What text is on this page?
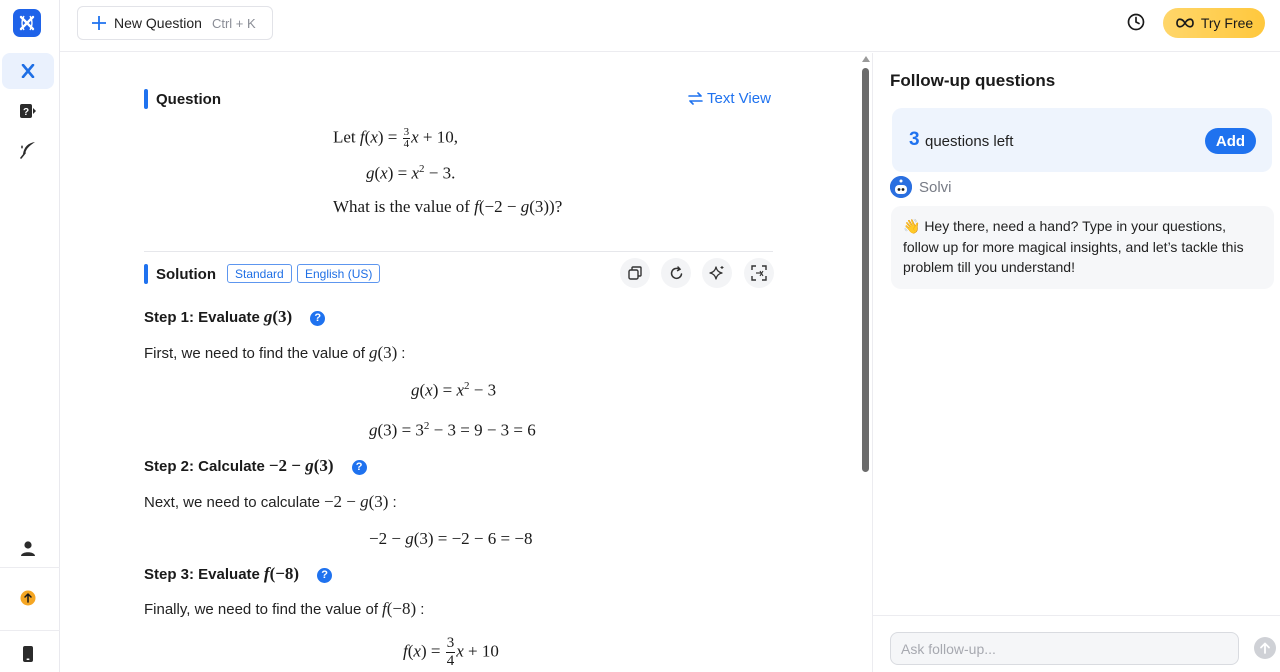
?
New Question Ctrl + K	Try Free
Question	Text View
Let $f(x) = \frac{3}{4}$ x + 10,
$g(x) = x^2 - 3$.
What is the value of f(−2 − g(3))?
Solution	Standard	English (US)
Step 1: Evaluate g(3)	?
First, we need to find the value of g(3) :
$g(x) = x^2 - 3$
$g(3) = 3^2 - 3 = 9 - 3 = 6$
Step 2: Calculate −2 − g(3)	?
Next, we need to calculate −2 − g(3) :
−2 − g(3) = −2 − 6 = −8
Step 3: Evaluate f(−8)	?
Finally, we need to find the value of f(−8) :
$f(x) = \frac{3}{4}$ x + 10
Follow-up questions
3 questions left	Add
Solvi
👋 Hey there, need a hand? Type in your questions, follow up for more magical insights, and let’s tackle this problem till you understand!
Ask follow-up...
